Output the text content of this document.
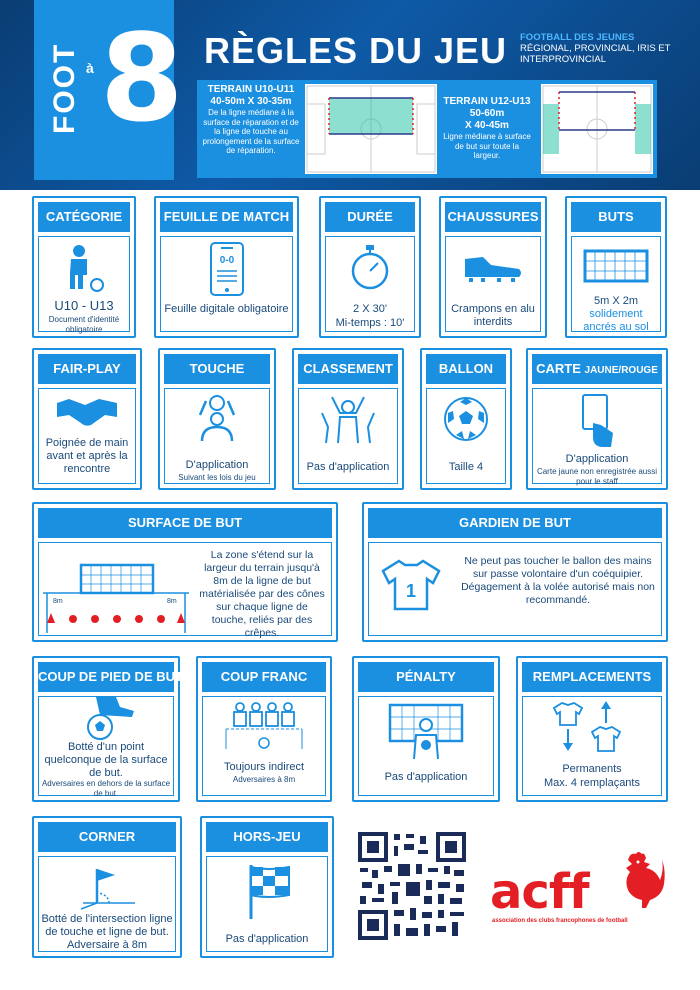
FOOT à 8 RÈGLES DU JEU FOOTBALL DES JEUNES
RÉGIONAL, PROVINCIAL, IRIS ET INTERPROVINCIAL
TERRAIN U10-U11
40-50m X 30-35m
De la ligne médiane à la surface de réparation et de la ligne de touche au prolongement de la surface de réparation.
TERRAIN U12-U13
50-60m
X 40-45m
Ligne médiane à surface de but sur toute la largeur.
CATÉGORIE
U10 - U13
Document d'identité obligatoire
FEUILLE DE MATCH
0-0
Feuille digitale obligatoire
DURÉE
2 X 30'
Mi-temps : 10'
CHAUSSURES
Crampons en alu interdits
BUTS
5m X 2m
solidement ancrés au sol
FAIR-PLAY
Poignée de main avant et après la rencontre
TOUCHE
D'application
Suivant les lois du jeu
CLASSEMENT
Pas d'application
BALLON
Taille 4
CARTE JAUNE/ROUGE
D'application
Carte jaune non enregistrée aussi pour le staff
SURFACE DE BUT
8m	8m
La zone s'étend sur la largeur du terrain jusqu'à 8m de la ligne de but matérialisée par des cônes sur chaque ligne de touche, reliés par des crêpes.
GARDIEN DE BUT
1
Ne peut pas toucher le ballon des mains sur passe volontaire d'un coéquipier. Dégagement à la volée autorisé mais non recommandé.
COUP DE PIED DE BUT
Botté d'un point quelconque de la surface de but.
Adversaires en dehors de la surface de but.
COUP FRANC
Toujours indirect
Adversaires à 8m
PÉNALTY
Pas d'application
REMPLACEMENTS
Permanents
Max. 4 remplaçants
CORNER
Botté de l'intersection ligne de touche et ligne de but. Adversaire à 8m
HORS-JEU
Pas d'application
acff
association des clubs francophones de football
